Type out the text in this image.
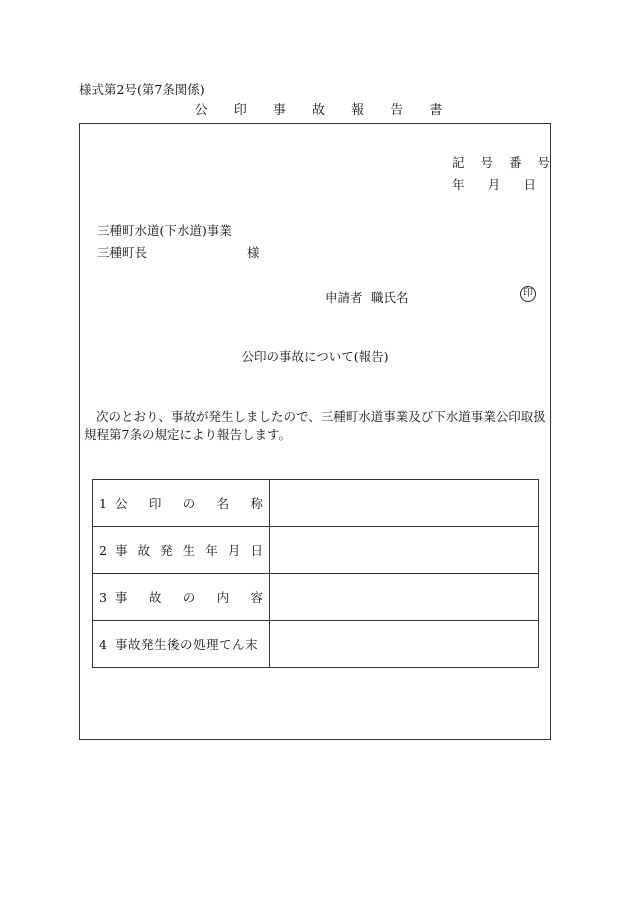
様式第2号(第7条関係)
公 印 事 故 報 告 書
記 号 番 号
年 月 日
三種町水道(下水道)事業
三種町長	様
申請者 職氏名	印
公印の事故について(報告)

次のとおり、事故が発生しましたので、三種町水道事業及び下水道事業公印取扱規程第7条の規定により報告します。

1 公印の名称	

2 事故発生年月日	

3 事故の内容	

4 事故発生後の処理てん末	
